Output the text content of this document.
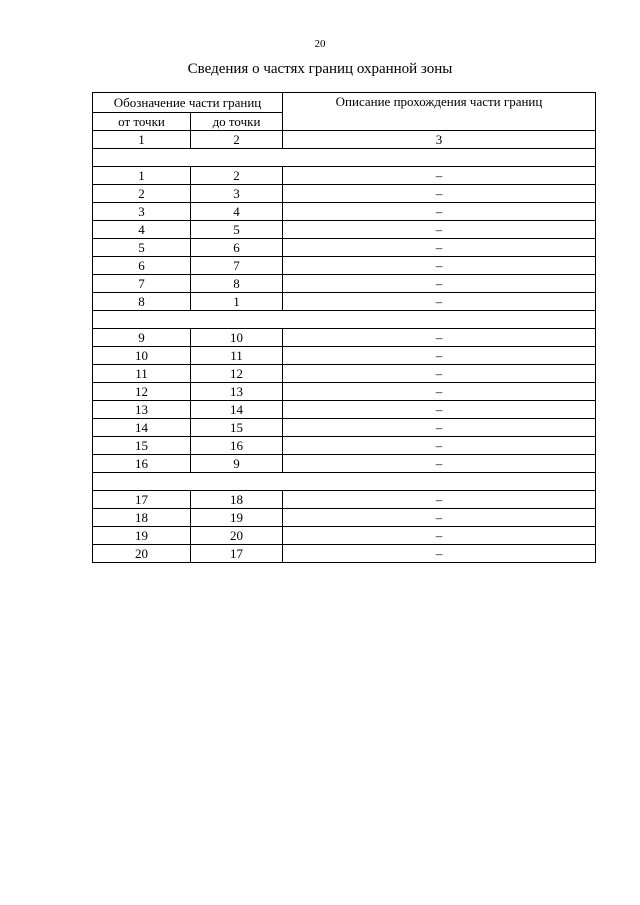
20
Сведения о частях границ охранной зоны
Обозначение части границ		Описание прохождения части границ
от точки	до точки	
1	2	3

1	2	–
2	3	–
3	4	–
4	5	–
5	6	–
6	7	–
7	8	–
8	1	–

9	10	–
10	11	–
11	12	–
12	13	–
13	14	–
14	15	–
15	16	–
16	9	–

17	18	–
18	19	–
19	20	–
20	17	–
